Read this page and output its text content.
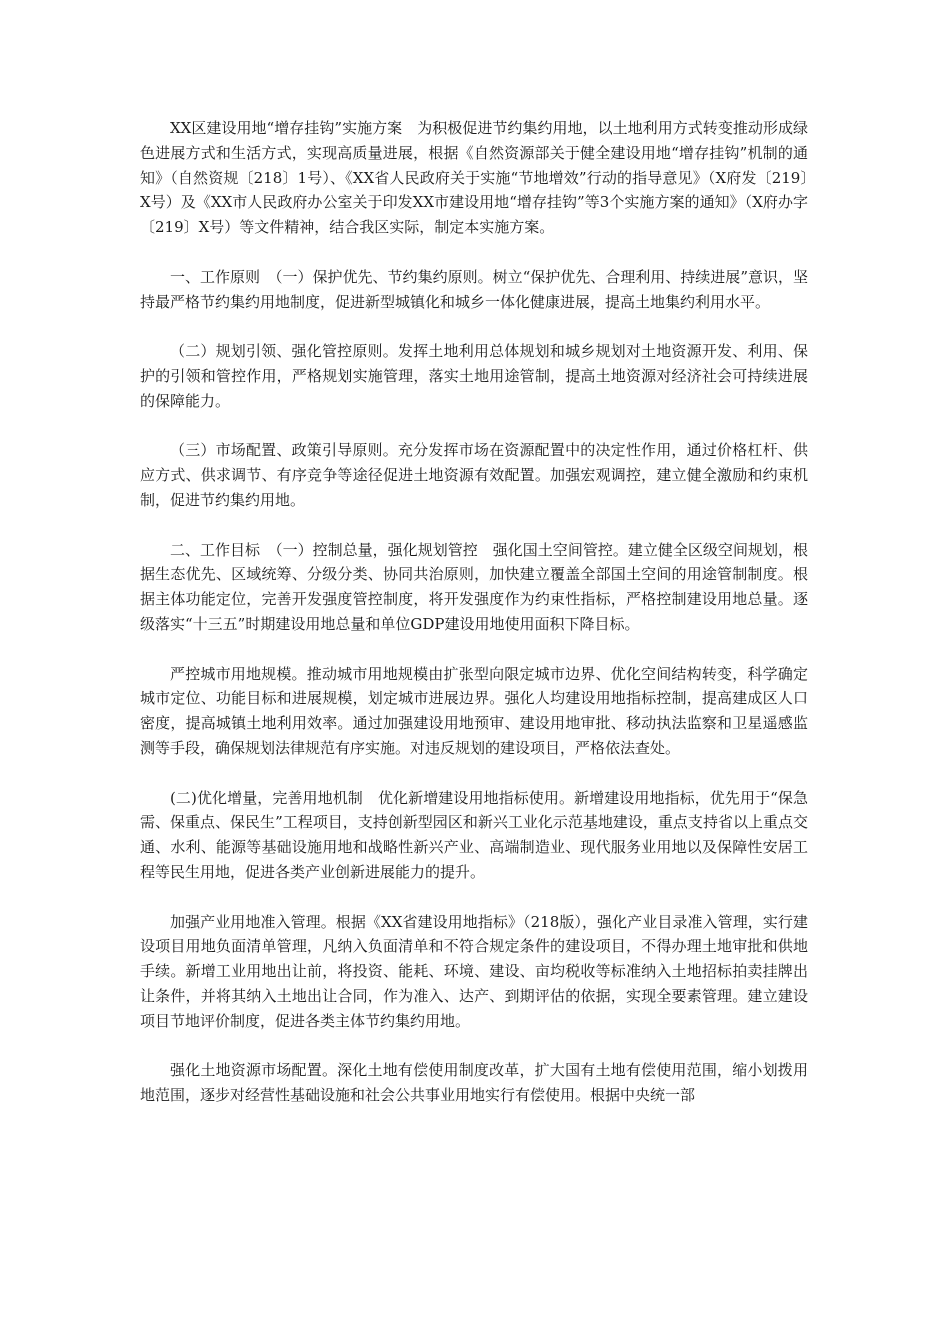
XX区建设用地“增存挂钩”实施方案　为积极促进节约集约用地，以土地利用方式转变推动形成绿色进展方式和生活方式，实现高质量进展，根据《自然资源部关于健全建设用地“增存挂钩”机制的通知》（自然资规〔218〕1号）、《XX省人民政府关于实施“节地增效”行动的指导意见》（X府发〔219〕X号）及《XX市人民政府办公室关于印发XX市建设用地“增存挂钩”等3个实施方案的通知》（X府办字〔219〕X号）等文件精神，结合我区实际，制定本实施方案。

一、工作原则　（一）保护优先、节约集约原则。树立“保护优先、合理利用、持续进展”意识，坚持最严格节约集约用地制度，促进新型城镇化和城乡一体化健康进展，提高土地集约利用水平。

（二）规划引领、强化管控原则。发挥土地利用总体规划和城乡规划对土地资源开发、利用、保护的引领和管控作用，严格规划实施管理，落实土地用途管制，提高土地资源对经济社会可持续进展的保障能力。

（三）市场配置、政策引导原则。充分发挥市场在资源配置中的决定性作用，通过价格杠杆、供应方式、供求调节、有序竞争等途径促进土地资源有效配置。加强宏观调控，建立健全激励和约束机制，促进节约集约用地。

二、工作目标　（一）控制总量，强化规划管控　强化国土空间管控。建立健全区级空间规划，根据生态优先、区域统筹、分级分类、协同共治原则，加快建立覆盖全部国土空间的用途管制制度。根据主体功能定位，完善开发强度管控制度，将开发强度作为约束性指标，严格控制建设用地总量。逐级落实“十三五”时期建设用地总量和单位GDP建设用地使用面积下降目标。

严控城市用地规模。推动城市用地规模由扩张型向限定城市边界、优化空间结构转变，科学确定城市定位、功能目标和进展规模，划定城市进展边界。强化人均建设用地指标控制，提高建成区人口密度，提高城镇土地利用效率。通过加强建设用地预审、建设用地审批、移动执法监察和卫星遥感监测等手段，确保规划法律规范有序实施。对违反规划的建设项目，严格依法查处。

(二)优化增量，完善用地机制　优化新增建设用地指标使用。新增建设用地指标，优先用于“保急需、保重点、保民生”工程项目，支持创新型园区和新兴工业化示范基地建设，重点支持省以上重点交通、水利、能源等基础设施用地和战略性新兴产业、高端制造业、现代服务业用地以及保障性安居工程等民生用地，促进各类产业创新进展能力的提升。

加强产业用地准入管理。根据《XX省建设用地指标》（218版），强化产业目录准入管理，实行建设项目用地负面清单管理，凡纳入负面清单和不符合规定条件的建设项目，不得办理土地审批和供地手续。新增工业用地出让前，将投资、能耗、环境、建设、亩均税收等标准纳入土地招标拍卖挂牌出让条件，并将其纳入土地出让合同，作为准入、达产、到期评估的依据，实现全要素管理。建立建设项目节地评价制度，促进各类主体节约集约用地。

强化土地资源市场配置。深化土地有偿使用制度改革，扩大国有土地有偿使用范围，缩小划拨用地范围，逐步对经营性基础设施和社会公共事业用地实行有偿使用。根据中央统一部
